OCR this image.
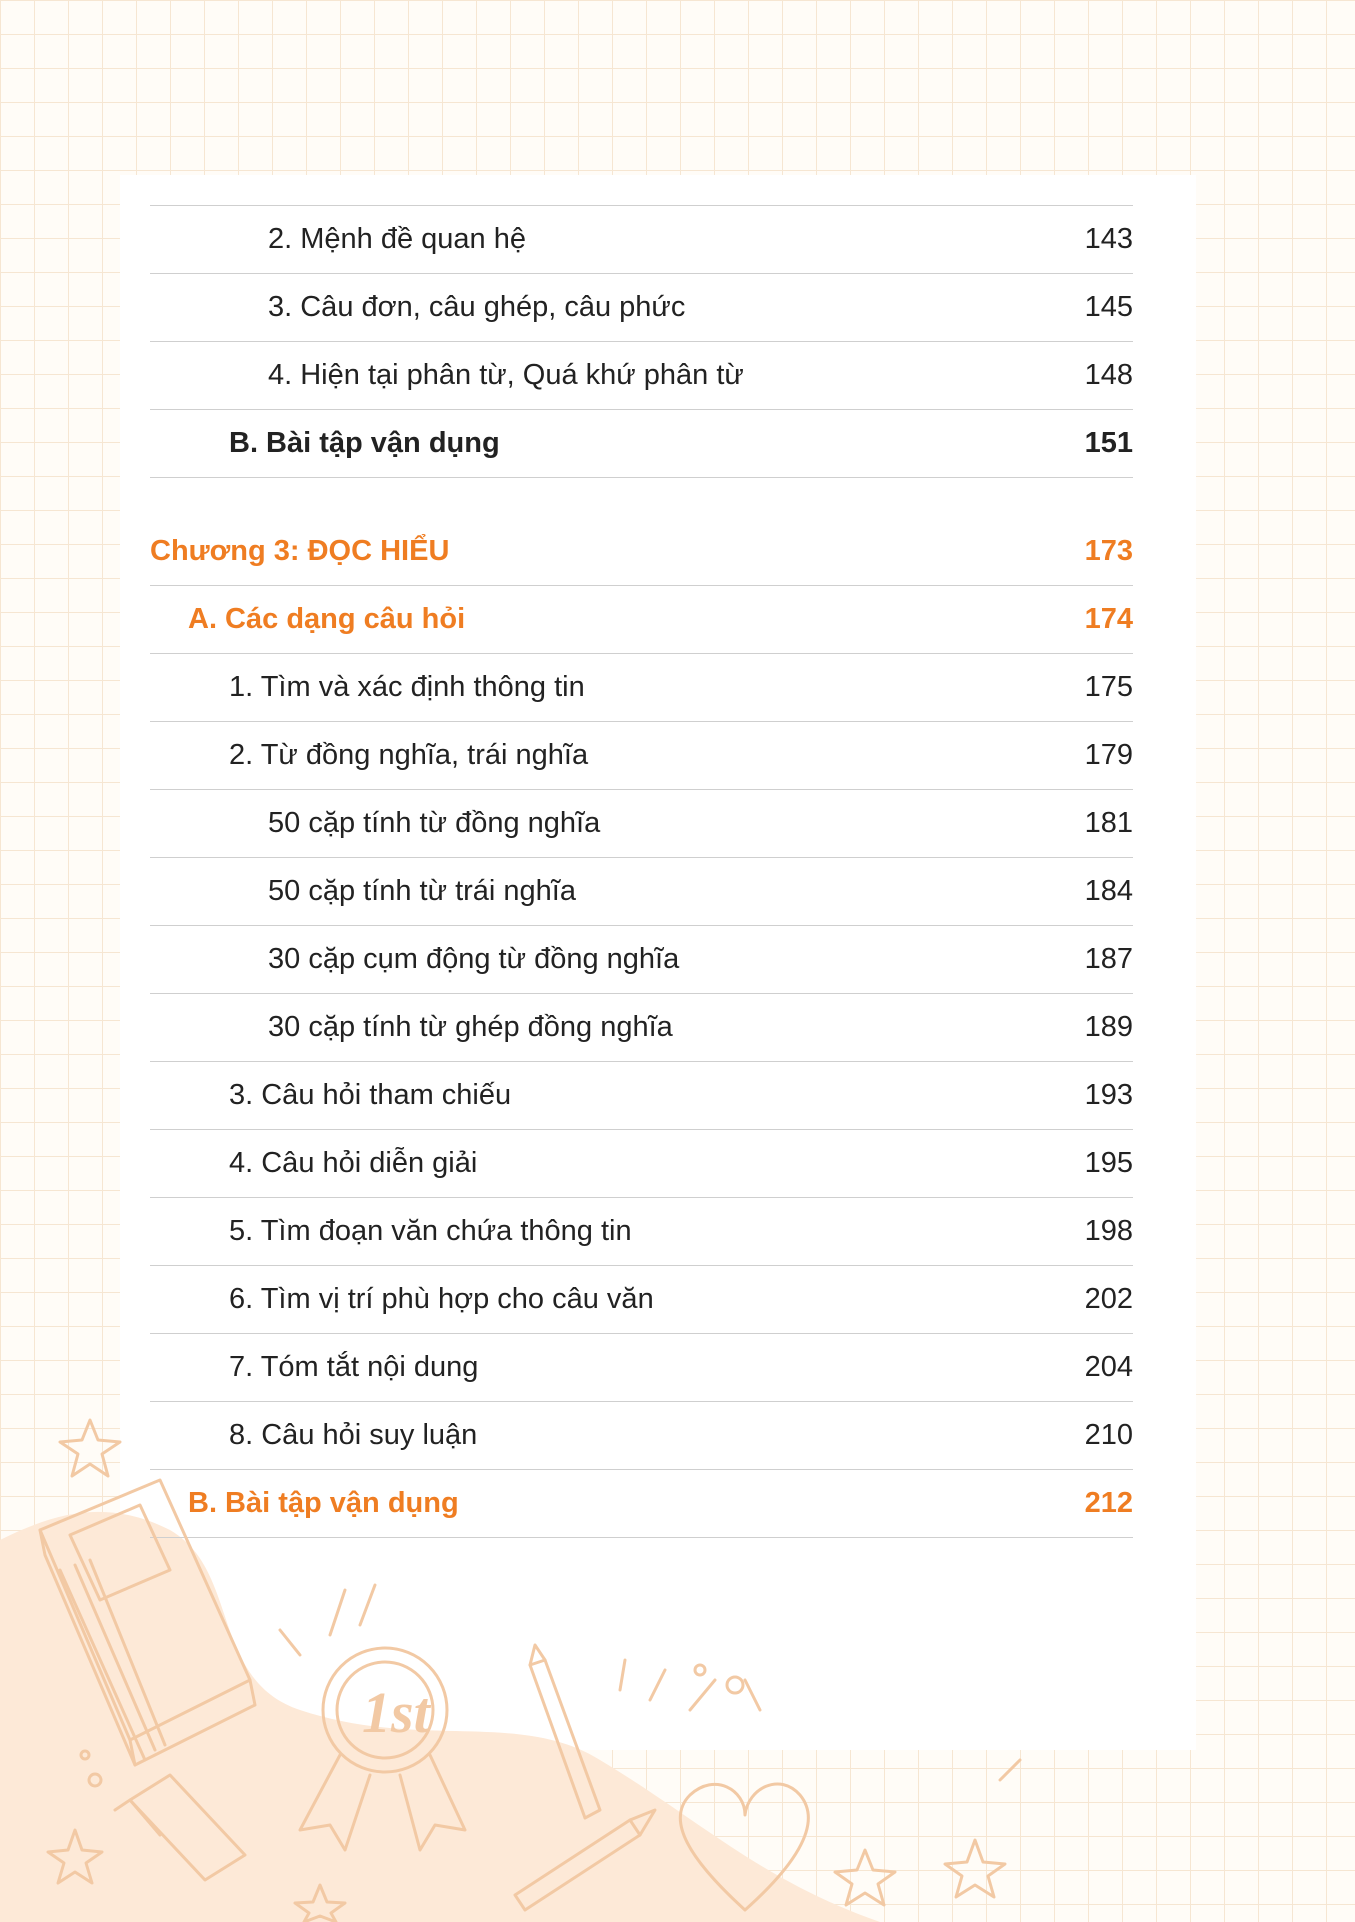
2. Mệnh đề quan hệ	143
3. Câu đơn, câu ghép, câu phức	145
4. Hiện tại phân từ, Quá khứ phân từ	148
B. Bài tập vận dụng	151
Chương 3: ĐỌC HIỂU	173
A. Các dạng câu hỏi	174
1. Tìm và xác định thông tin	175
2. Từ đồng nghĩa, trái nghĩa	179
50 cặp tính từ đồng nghĩa	181
50 cặp tính từ trái nghĩa	184
30 cặp cụm động từ đồng nghĩa	187
30 cặp tính từ ghép đồng nghĩa	189
3. Câu hỏi tham chiếu	193
4. Câu hỏi diễn giải	195
5. Tìm đoạn văn chứa thông tin	198
6. Tìm vị trí phù hợp cho câu văn	202
7. Tóm tắt nội dung	204
8. Câu hỏi suy luận	210
B. Bài tập vận dụng	212
1st
